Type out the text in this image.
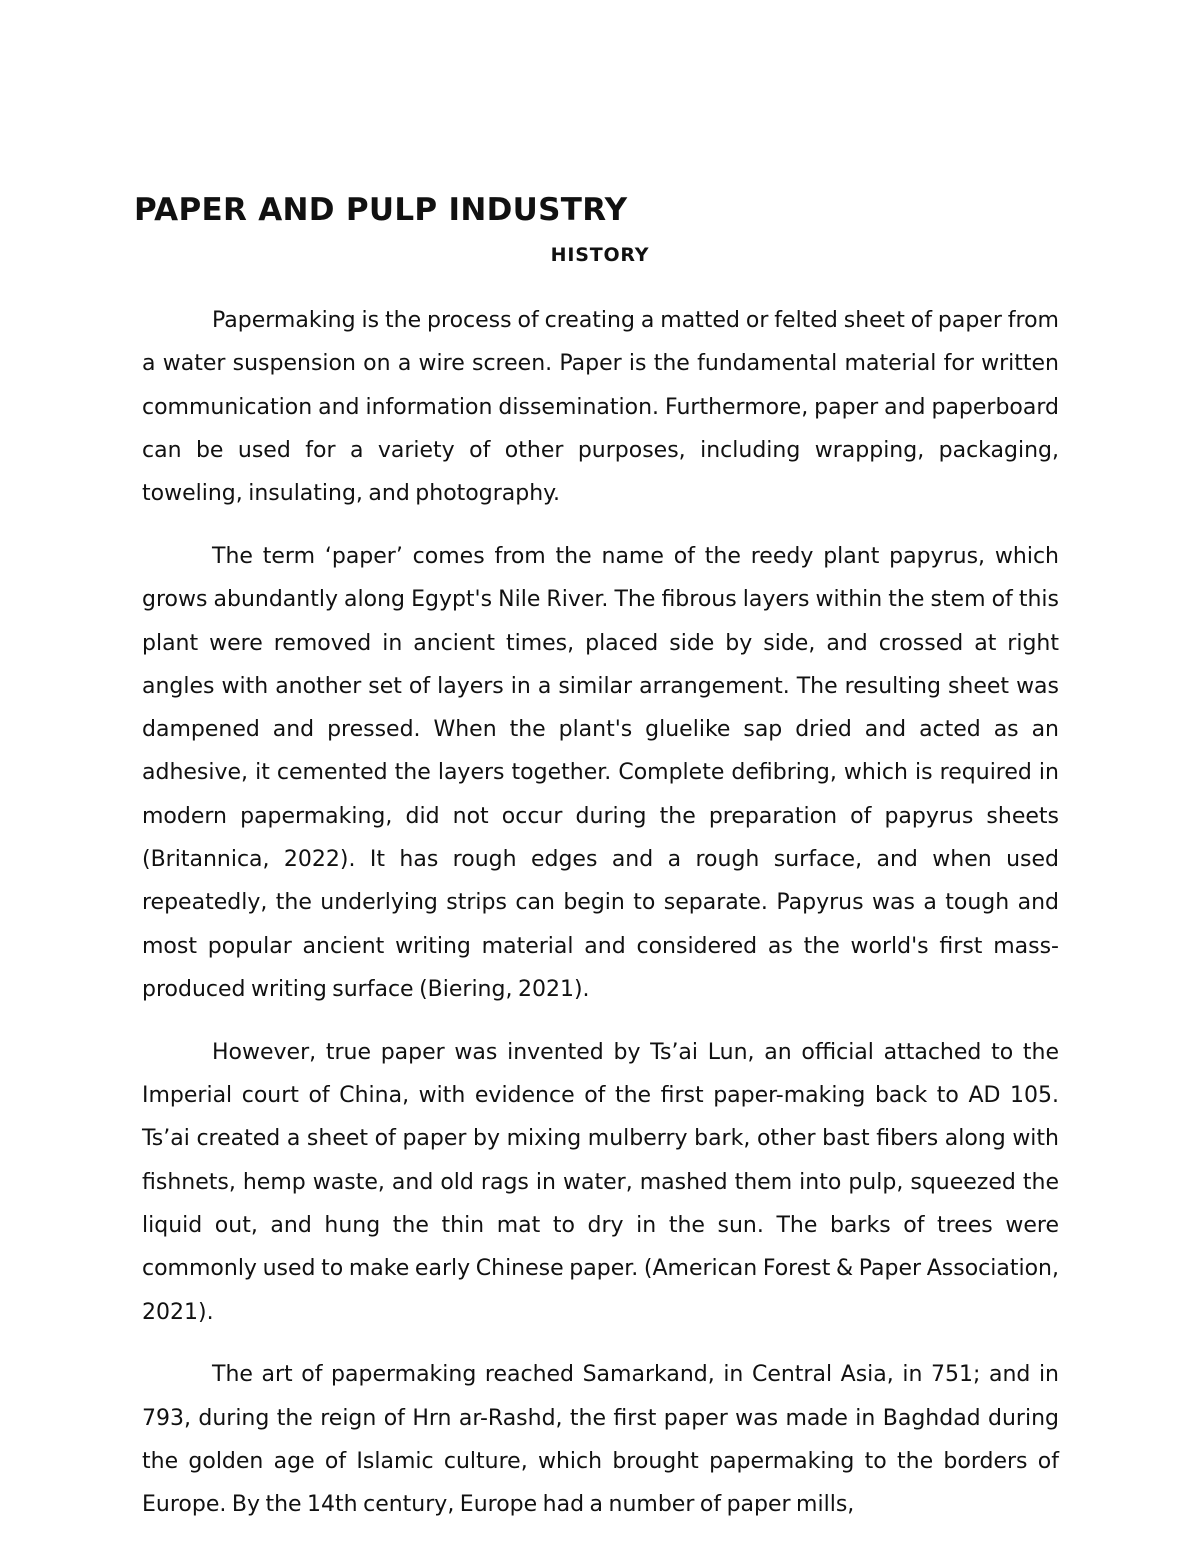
PAPER AND PULP INDUSTRY
HISTORY

Papermaking is the process of creating a matted or felted sheet of paper from a water suspension on a wire screen. Paper is the fundamental material for written communication and information dissemination. Furthermore, paper and paperboard can be used for a variety of other purposes, including wrapping, packaging, toweling, insulating, and photography.

The term ‘paper’ comes from the name of the reedy plant papyrus, which grows abundantly along Egypt's Nile River. The fibrous layers within the stem of this plant were removed in ancient times, placed side by side, and crossed at right angles with another set of layers in a similar arrangement. The resulting sheet was dampened and pressed. When the plant's gluelike sap dried and acted as an adhesive, it cemented the layers together. Complete defibring, which is required in modern papermaking, did not occur during the preparation of papyrus sheets (Britannica, 2022). It has rough edges and a rough surface, and when used repeatedly, the underlying strips can begin to separate. Papyrus was a tough and most popular ancient writing material and considered as the world's first mass-produced writing surface (Biering, 2021).

However, true paper was invented by Ts’ai Lun, an official attached to the Imperial court of China, with evidence of the first paper-making back to AD 105. Ts’ai created a sheet of paper by mixing mulberry bark, other bast fibers along with fishnets, hemp waste, and old rags in water, mashed them into pulp, squeezed the liquid out, and hung the thin mat to dry in the sun. The barks of trees were commonly used to make early Chinese paper. (American Forest & Paper Association, 2021).

The art of papermaking reached Samarkand, in Central Asia, in 751; and in 793, during the reign of Hrn ar-Rashd, the first paper was made in Baghdad during the golden age of Islamic culture, which brought papermaking to the borders of Europe. By the 14th century, Europe had a number of paper mills,
